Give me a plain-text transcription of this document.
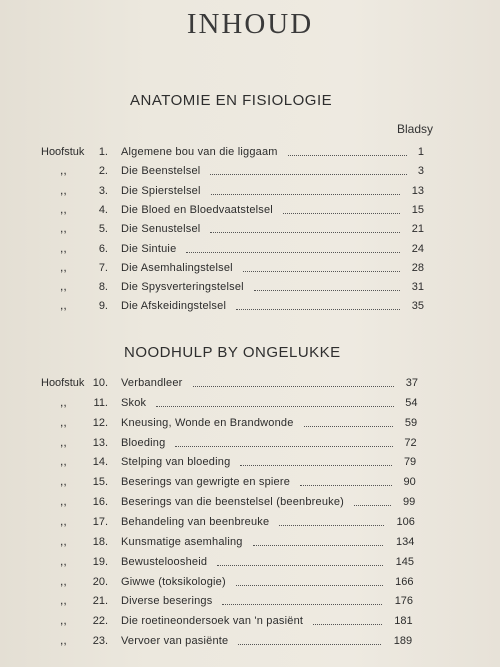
INHOUD
ANATOMIE EN FISIOLOGIE
Bladsy
NOODHULP BY ONGELUKKE
Hoofstuk	1. Algemene bou van die liggaam	1
,,	2. Die Beenstelsel	3
,,	3. Die Spierstelsel	13
,,	4. Die Bloed en Bloedvaatstelsel	15
,,	5. Die Senustelsel	21
,,	6. Die Sintuie	24
,,	7. Die Asemhalingstelsel	28
,,	8. Die Spysverteringstelsel	31
,,	9. Die Afskeidingstelsel	35
Hoofstuk 10. Verbandleer	37
,,	11. Skok	54
,,	12. Kneusing, Wonde en Brandwonde	59
,,	13. Bloeding	72
,,	14. Stelping van bloeding	79
,,	15. Beserings van gewrigte en spiere	90
,,	16. Beserings van die beenstelsel (beenbreuke)	99
,,	17. Behandeling van beenbreuke	106
,,	18. Kunsmatige asemhaling	134
,,	19. Bewusteloosheid	145
,,	20. Giwwe (toksikologie)	166
,,	21. Diverse beserings	176
,,	22. Die roetineondersoek van 'n pasiënt	181
,,	23. Vervoer van pasiënte	189
